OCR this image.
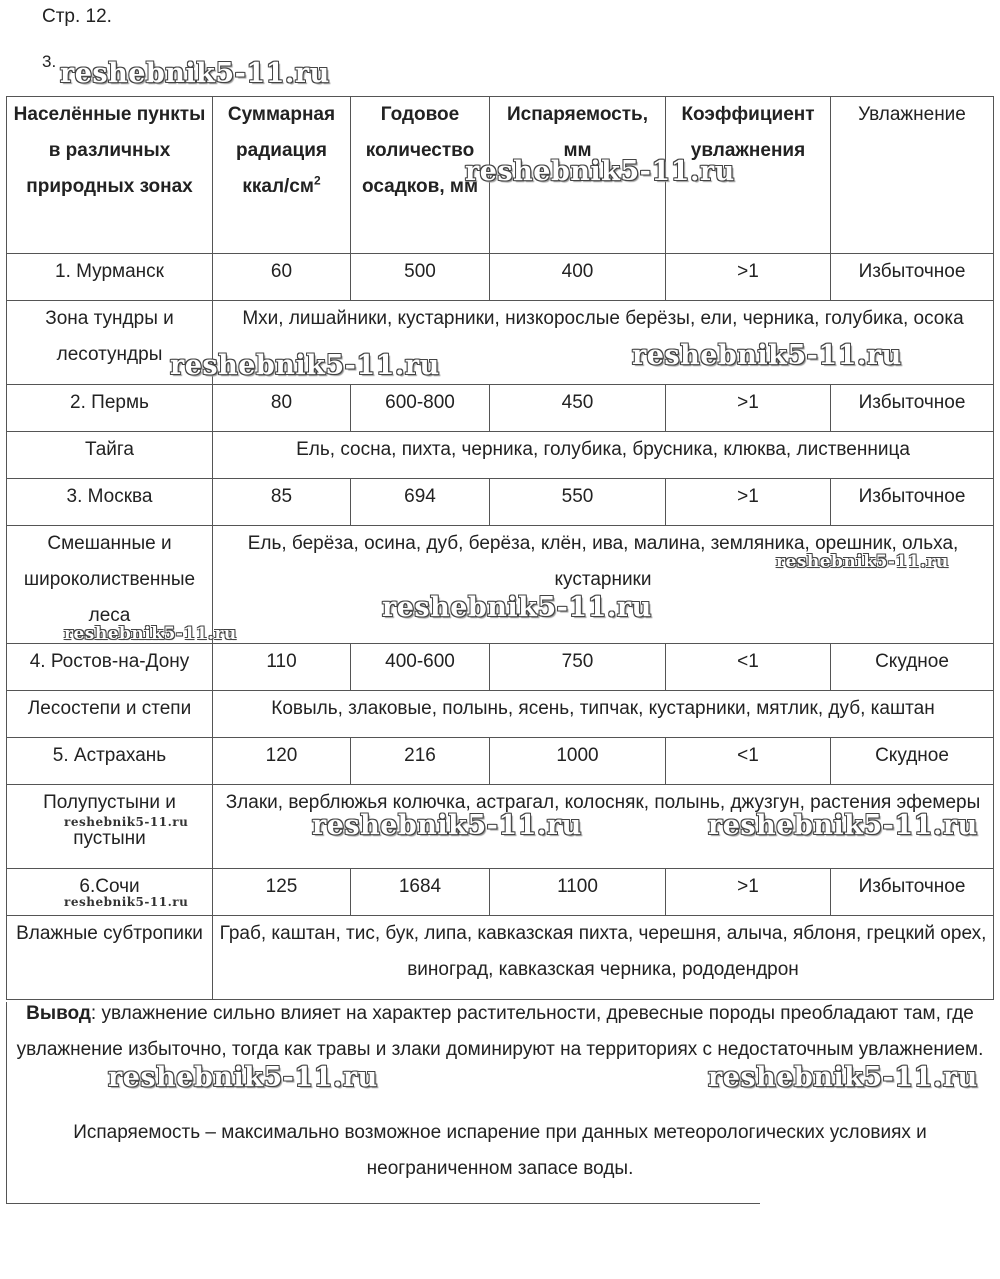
Стр. 12.
3.
Населённые пункты в различных природных зонах	Суммарная радиация ккал/$см^2$	Годовое количество осадков, мм	Испаряемость, мм	Коэффициент увлажнения	Увлажнение
1. Мурманск	60	500	400	>1	Избыточное
Зона тундры и лесотундры	Мхи, лишайники, кустарники, низкорослые берёзы, ели, черника, голубика, осока				
2. Пермь	80	600-800	450	>1	Избыточное
Тайга	Ель, сосна, пихта, черника, голубика, брусника, клюква, лиственница				
3. Москва	85	694	550	>1	Избыточное
Смешанные и широколиственные леса	Ель, берёза, осина, дуб, берёза, клён, ива, малина, земляника, орешник, ольха, кустарники				
4. Ростов-на-Дону	110	400-600	750	<1	Скудное
Лесостепи и степи	Ковыль, злаковые, полынь, ясень, типчак, кустарники, мятлик, дуб, каштан				
5. Астрахань	120	216	1000	<1	Скудное
Полупустыни и пустыни	Злаки, верблюжья колючка, астрагал, колосняк, полынь, джузгун, растения эфемеры				
6.Сочи	125	1684	1100	>1	Избыточное
Влажные субтропики	Граб, каштан, тис, бук, липа, кавказская пихта, черешня, алыча, яблоня, грецкий орех, виноград, кавказская черника, рододендрон				
Вывод: увлажнение сильно влияет на характер растительности, древесные породы преобладают там, где увлажнение избыточно, тогда как травы и злаки доминируют на территориях с недостаточным увлажнением.
Испаряемость – максимально возможное испарение при данных метеорологических условиях и неограниченном запасе воды.
reshebnik5-11.ru
reshebnik5-11.ru
reshebnik5-11.ru	reshebnik5-11.ru
reshebnik5-11.ru
reshebnik5-11.ru
reshebnik5-11.ru
reshebnik5-11.ru	reshebnik5-11.ru	reshebnik5-11.ru
reshebnik5-11.ru
reshebnik5-11.ru	reshebnik5-11.ru
